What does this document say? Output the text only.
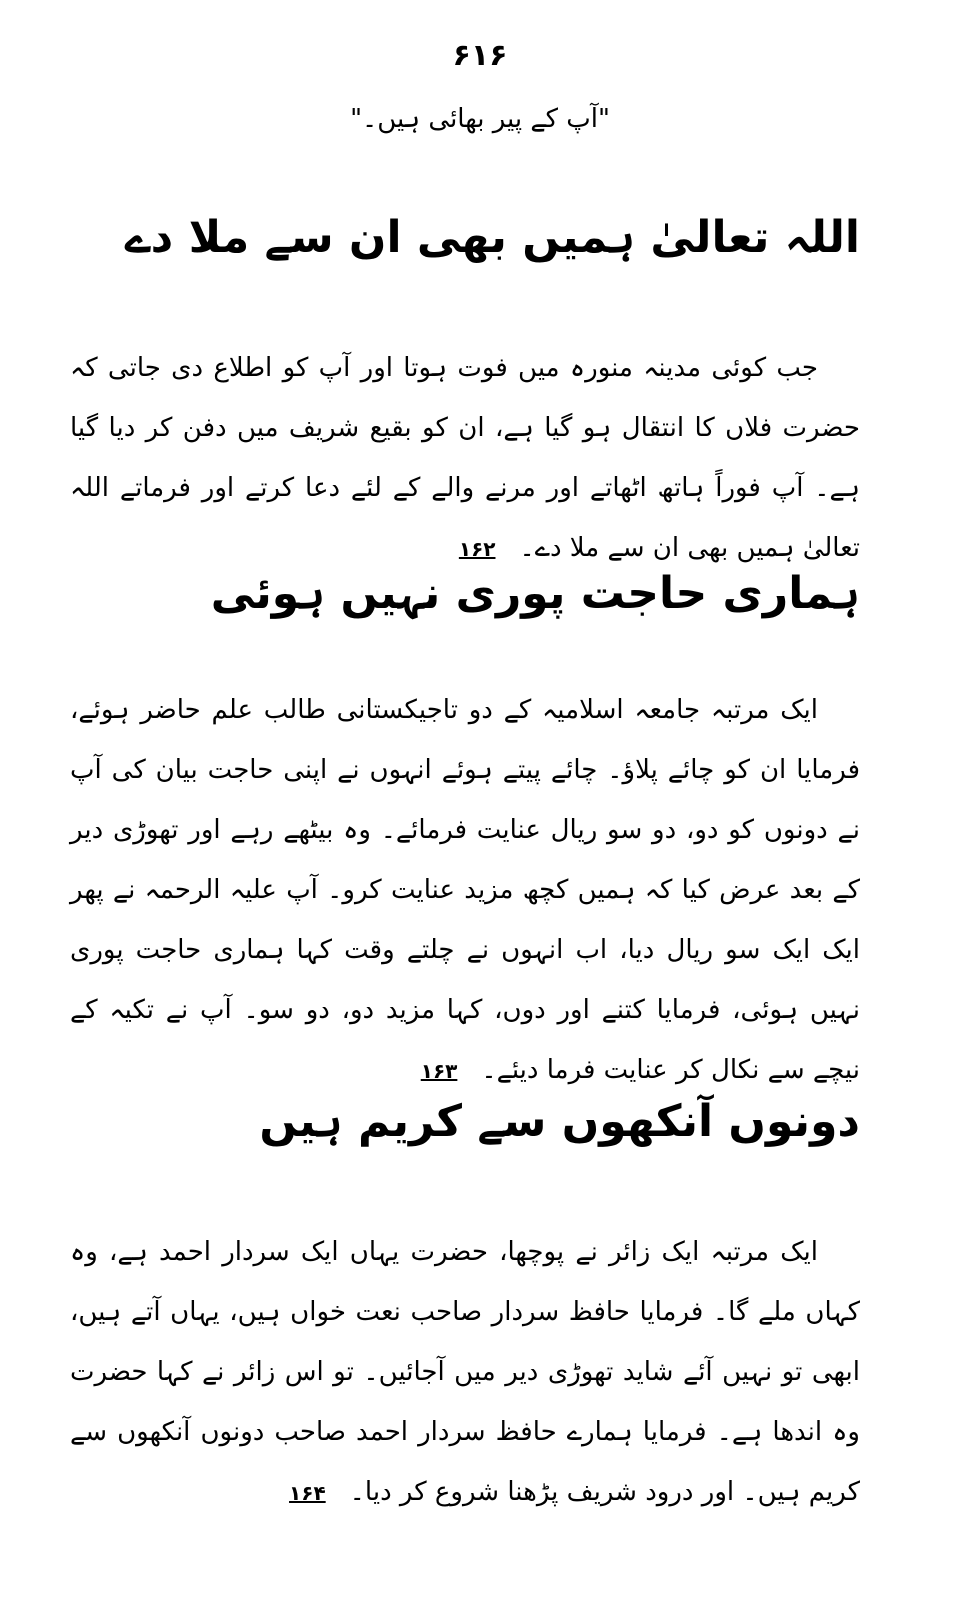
۶۱۶
"آپ کے پیر بھائی ہیں۔"
اللہ تعالیٰ ہمیں بھی ان سے ملا دے

جب کوئی مدینہ منورہ میں فوت ہوتا اور آپ کو اطلاع دی جاتی کہ حضرت فلاں کا انتقال ہو گیا ہے، ان کو بقیع شریف میں دفن کر دیا گیا ہے۔ آپ فوراً ہاتھ اٹھاتے اور مرنے والے کے لئے دعا کرتے اور فرماتے اللہ تعالیٰ ہمیں بھی ان سے ملا دے۔۱۶۲

ہماری حاجت پوری نہیں ہوئی

ایک مرتبہ جامعہ اسلامیہ کے دو تاجیکستانی طالب علم حاضر ہوئے، فرمایا ان کو چائے پلاؤ۔ چائے پیتے ہوئے انہوں نے اپنی حاجت بیان کی آپ نے دونوں کو دو، دو سو ریال عنایت فرمائے۔ وہ بیٹھے رہے اور تھوڑی دیر کے بعد عرض کیا کہ ہمیں کچھ مزید عنایت کرو۔ آپ علیہ الرحمہ نے پھر ایک ایک سو ریال دیا، اب انہوں نے چلتے وقت کہا ہماری حاجت پوری نہیں ہوئی، فرمایا کتنے اور دوں، کہا مزید دو، دو سو۔ آپ نے تکیہ کے نیچے سے نکال کر عنایت فرما دیئے۔۱۶۳

دونوں آنکھوں سے کریم ہیں

ایک مرتبہ ایک زائر نے پوچھا، حضرت یہاں ایک سردار احمد ہے، وہ کہاں ملے گا۔ فرمایا حافظ سردار صاحب نعت خواں ہیں، یہاں آتے ہیں، ابھی تو نہیں آئے شاید تھوڑی دیر میں آجائیں۔ تو اس زائر نے کہا حضرت وہ اندھا ہے۔ فرمایا ہمارے حافظ سردار احمد صاحب دونوں آنکھوں سے کریم ہیں۔ اور درود شریف پڑھنا شروع کر دیا۔۱۶۴
